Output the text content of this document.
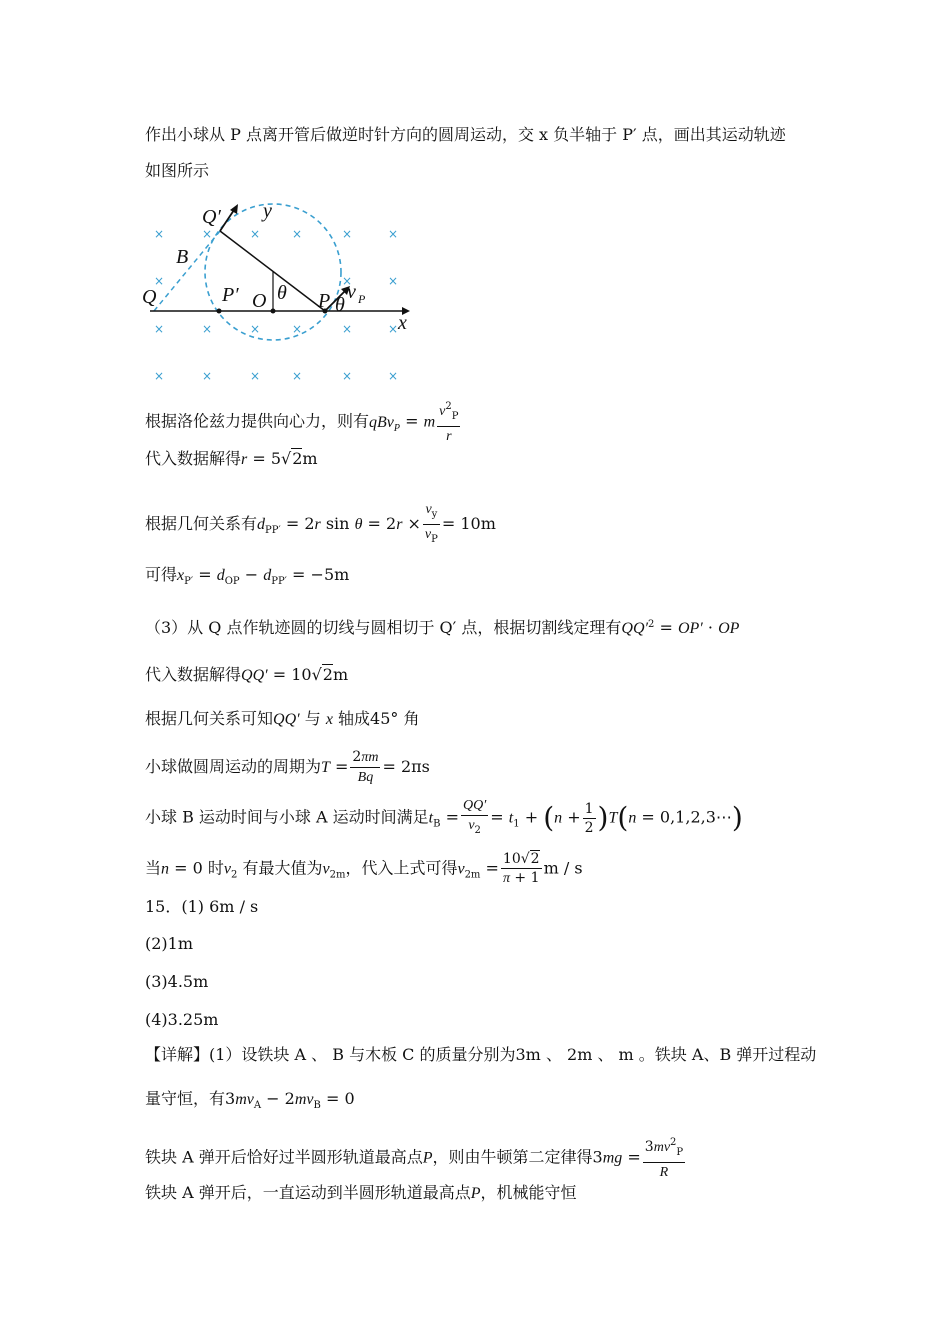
作出小球从 P 点离开管后做逆时针方向的圆周运动，交 x 负半轴于 P′ 点，画出其运动轨迹
如图所示
×	×	×	×	×	×
×	×	×
×	×	×	×	×	×
×	×	×	×	×	×
Q′ y
B
Q	P′ O θ P θ
v P
x
根据洛伦兹力提供向心力，则有qBv$_P$ = m $\frac{v^2_P}{r}$
代入数据解得r = 5√2m
根据几何关系有$d_{PP'} = 2r$ $\sin \theta = 2r \times \frac{v_y}{v_P} = 10m$
可得$x_{P'} = d_{OP} - d_{PP'} = -5m$
（3）从 Q 点作轨迹圆的切线与圆相切于 Q′ 点，根据切割线定理有$QQ'^2 = OP'$ · OP
代入数据解得QQ′ = 10√2m
根据几何关系可知QQ′ 与 x 轴成45° 角
小球做圆周运动的周期为$T = \frac{2\pi m}{Bq} = 2\pi s$
小球 B 运动时间与小球 A 运动时间满足$t_B = \frac{QQ'}{v_2} = t_1 + (n + \frac{1}{2} )T(n$ = 0,1,2,3⋯)
当n = 0 时$v_2$ 有最大值为$v_{2m}$，代入上式可得$v_{2m} = \frac{10√2}{\pi + 1}$ m / s
15．(1) 6m / s
(2)1m
(3)4.5m
(4)3.25m
【详解】(1）设铁块 A 、 B 与木板 C 的质量分别为3m 、 2m 、 m 。铁块 A、B 弹开过程动
量守恒，有$3mv_A - 2mv_B = 0$
铁块 A 弹开后恰好过半圆形轨道最高点P，则由牛顿第二定律得$3mg = \frac{3mv^2_P}{R}$
铁块 A 弹开后，一直运动到半圆形轨道最高点P，机械能守恒
